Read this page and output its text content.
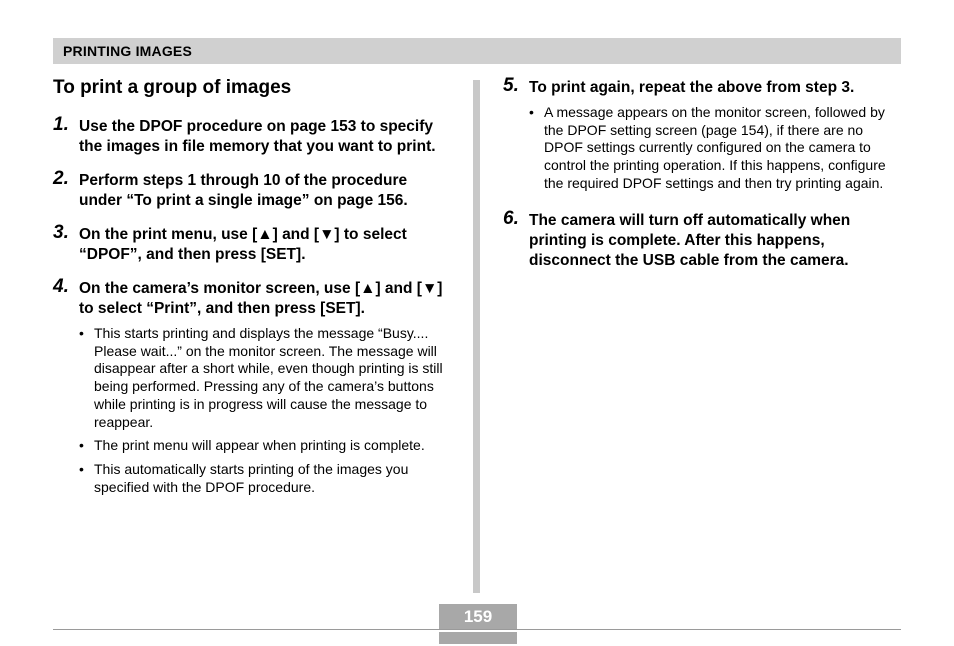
PRINTING IMAGES
To print a group of images
1. Use the DPOF procedure on page 153 to specify the images in file memory that you want to print.
2. Perform steps 1 through 10 of the procedure under “To print a single image” on page 156.
3. On the print menu, use [▲] and [▼] to select “DPOF”, and then press [SET].
4. On the camera’s monitor screen, use [▲] and [▼] to select “Print”, and then press [SET].
• This starts printing and displays the message “Busy.... Please wait...” on the monitor screen. The message will disappear after a short while, even though printing is still being performed. Pressing any of the camera’s buttons while printing is in progress will cause the message to reappear.
• The print menu will appear when printing is complete.
• This automatically starts printing of the images you specified with the DPOF procedure.
5. To print again, repeat the above from step 3.
• A message appears on the monitor screen, followed by the DPOF setting screen (page 154), if there are no DPOF settings currently configured on the camera to control the printing operation. If this happens, configure the required DPOF settings and then try printing again.
6. The camera will turn off automatically when printing is complete. After this happens, disconnect the USB cable from the camera.
159
